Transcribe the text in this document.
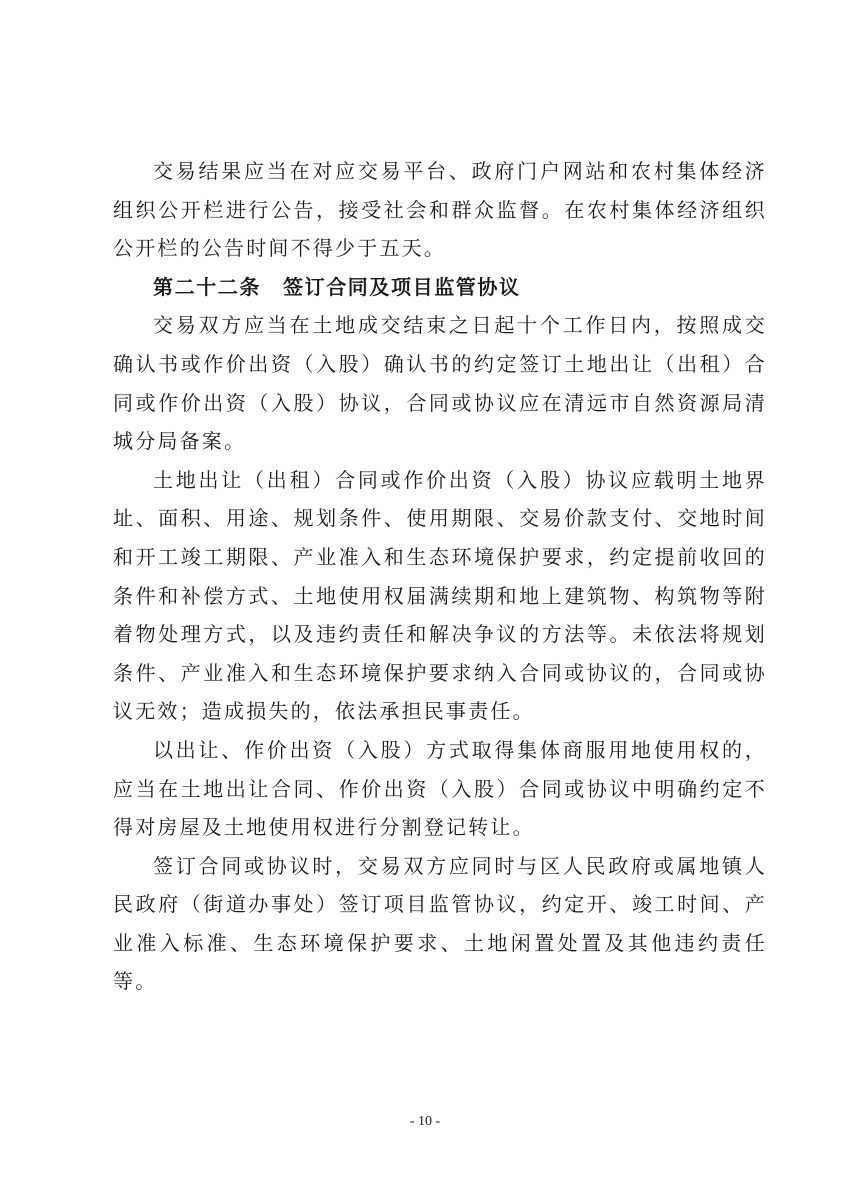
交易结果应当在对应交易平台、政府门户网站和农村集体经济组织公开栏进行公告，接受社会和群众监督。在农村集体经济组织公开栏的公告时间不得少于五天。

第二十二条 签订合同及项目监管协议

交易双方应当在土地成交结束之日起十个工作日内，按照成交确认书或作价出资（入股）确认书的约定签订土地出让（出租）合同或作价出资（入股）协议，合同或协议应在清远市自然资源局清城分局备案。

土地出让（出租）合同或作价出资（入股）协议应载明土地界址、面积、用途、规划条件、使用期限、交易价款支付、交地时间和开工竣工期限、产业准入和生态环境保护要求，约定提前收回的条件和补偿方式、土地使用权届满续期和地上建筑物、构筑物等附着物处理方式，以及违约责任和解决争议的方法等。未依法将规划条件、产业准入和生态环境保护要求纳入合同或协议的，合同或协议无效；造成损失的，依法承担民事责任。

以出让、作价出资（入股）方式取得集体商服用地使用权的，应当在土地出让合同、作价出资（入股）合同或协议中明确约定不得对房屋及土地使用权进行分割登记转让。

签订合同或协议时，交易双方应同时与区人民政府或属地镇人民政府（街道办事处）签订项目监管协议，约定开、竣工时间、产业准入标准、生态环境保护要求、土地闲置处置及其他违约责任等。

- 10 -
